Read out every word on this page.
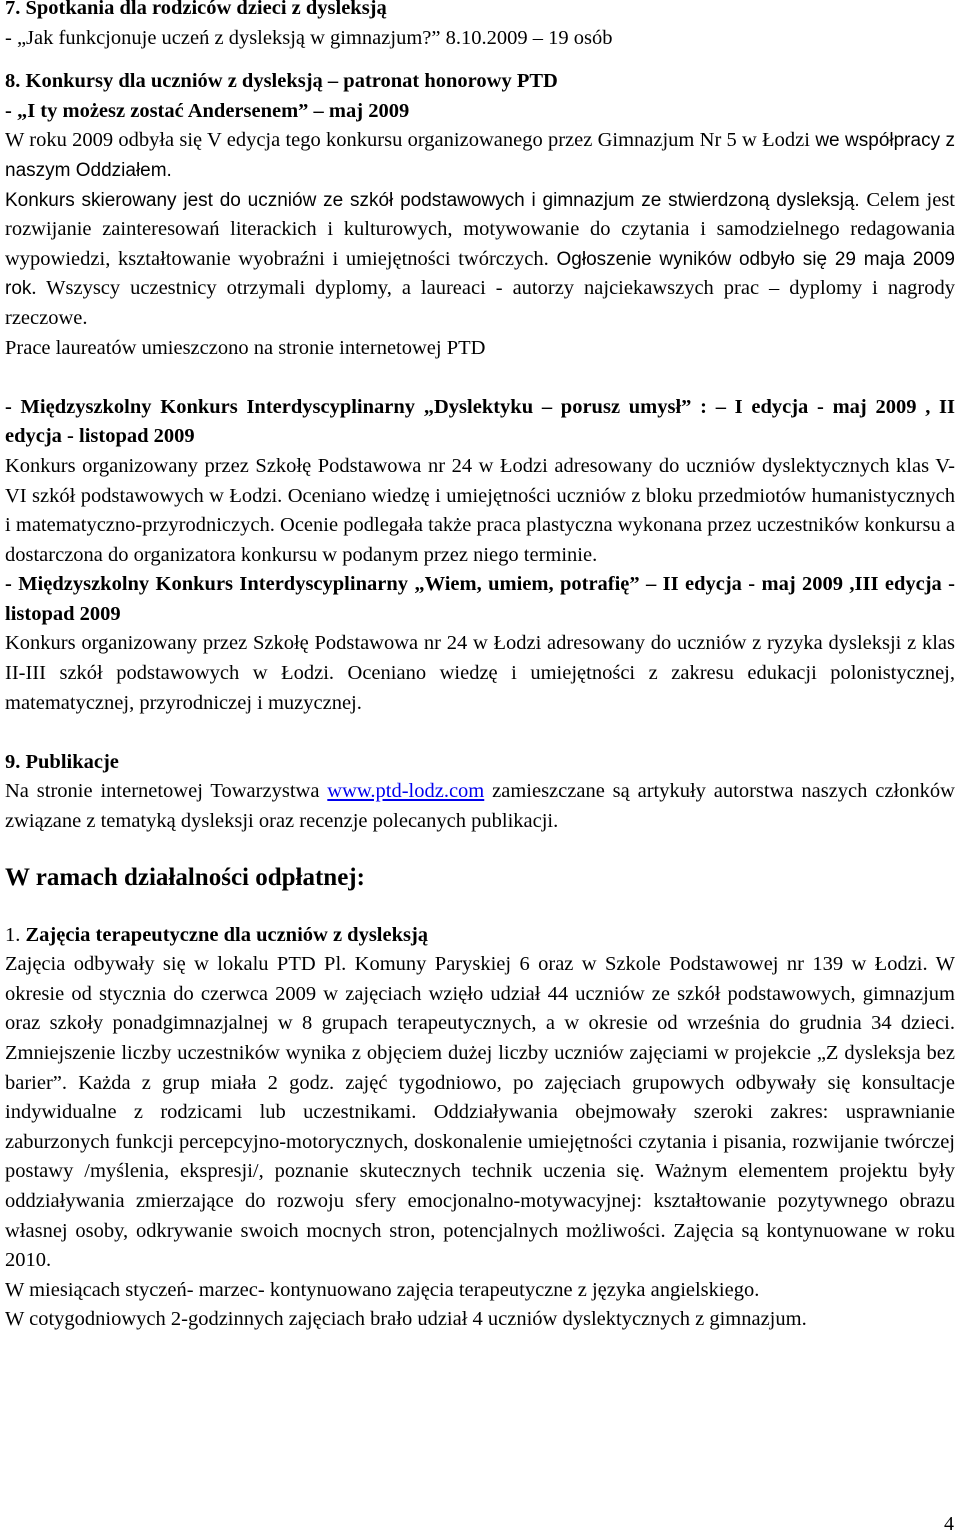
7. Spotkania dla rodziców dzieci z dysleksją

- „Jak funkcjonuje uczeń z dysleksją w gimnazjum?” 8.10.2009 – 19 osób

8. Konkursy dla uczniów z dysleksją – patronat honorowy PTD

- „I ty możesz zostać Andersenem” – maj 2009

W roku 2009 odbyła się V edycja tego konkursu organizowanego przez Gimnazjum Nr 5 w Łodzi we współpracy z naszym Oddziałem.

Konkurs skierowany jest do uczniów ze szkół podstawowych i gimnazjum ze stwierdzoną dysleksją. Celem jest rozwijanie zainteresowań literackich i kulturowych, motywowanie do czytania i samodzielnego redagowania wypowiedzi, kształtowanie wyobraźni i umiejętności twórczych. Ogłoszenie wyników odbyło się 29 maja 2009 rok. Wszyscy uczestnicy otrzymali dyplomy, a laureaci - autorzy najciekawszych prac – dyplomy i nagrody rzeczowe.

Prace laureatów umieszczono na stronie internetowej PTD

- Międzyszkolny Konkurs Interdyscyplinarny „Dyslektyku – porusz umysł” : – I edycja - maj 2009 , II edycja - listopad 2009

Konkurs organizowany przez Szkołę Podstawowa nr 24 w Łodzi adresowany do uczniów dyslektycznych klas V-VI szkół podstawowych w Łodzi. Oceniano wiedzę i umiejętności uczniów z bloku przedmiotów humanistycznych i matematyczno-przyrodniczych. Ocenie podlegała także praca plastyczna wykonana przez uczestników konkursu a dostarczona do organizatora konkursu w podanym przez niego terminie.

- Międzyszkolny Konkurs Interdyscyplinarny „Wiem, umiem, potrafię” – II edycja - maj 2009 ,III edycja - listopad 2009

Konkurs organizowany przez Szkołę Podstawowa nr 24 w Łodzi adresowany do uczniów z ryzyka dysleksji z klas II-III szkół podstawowych w Łodzi. Oceniano wiedzę i umiejętności z zakresu edukacji polonistycznej, matematycznej, przyrodniczej i muzycznej.

9. Publikacje

Na stronie internetowej Towarzystwa www.ptd-lodz.com zamieszczane są artykuły autorstwa naszych członków związane z tematyką dysleksji oraz recenzje polecanych publikacji.

W ramach działalności odpłatnej:

1. Zajęcia terapeutyczne dla uczniów z dysleksją

Zajęcia odbywały się w lokalu PTD Pl. Komuny Paryskiej 6 oraz w Szkole Podstawowej nr 139 w Łodzi. W okresie od stycznia do czerwca 2009 w zajęciach wzięło udział 44 uczniów ze szkół podstawowych, gimnazjum oraz szkoły ponadgimnazjalnej w 8 grupach terapeutycznych, a w okresie od września do grudnia 34 dzieci. Zmniejszenie liczby uczestników wynika z objęciem dużej liczby uczniów zajęciami w projekcie „Z dysleksja bez barier”. Każda z grup miała 2 godz. zajęć tygodniowo, po zajęciach grupowych odbywały się konsultacje indywidualne z rodzicami lub uczestnikami. Oddziaływania obejmowały szeroki zakres: usprawnianie zaburzonych funkcji percepcyjno-motorycznych, doskonalenie umiejętności czytania i pisania, rozwijanie twórczej postawy /myślenia, ekspresji/, poznanie skutecznych technik uczenia się. Ważnym elementem projektu były oddziaływania zmierzające do rozwoju sfery emocjonalno-motywacyjnej: kształtowanie pozytywnego obrazu własnej osoby, odkrywanie swoich mocnych stron, potencjalnych możliwości. Zajęcia są kontynuowane w roku 2010.

W miesiącach styczeń- marzec- kontynuowano zajęcia terapeutyczne z języka angielskiego.

W cotygodniowych 2-godzinnych zajęciach brało udział 4 uczniów dyslektycznych z gimnazjum.

4
